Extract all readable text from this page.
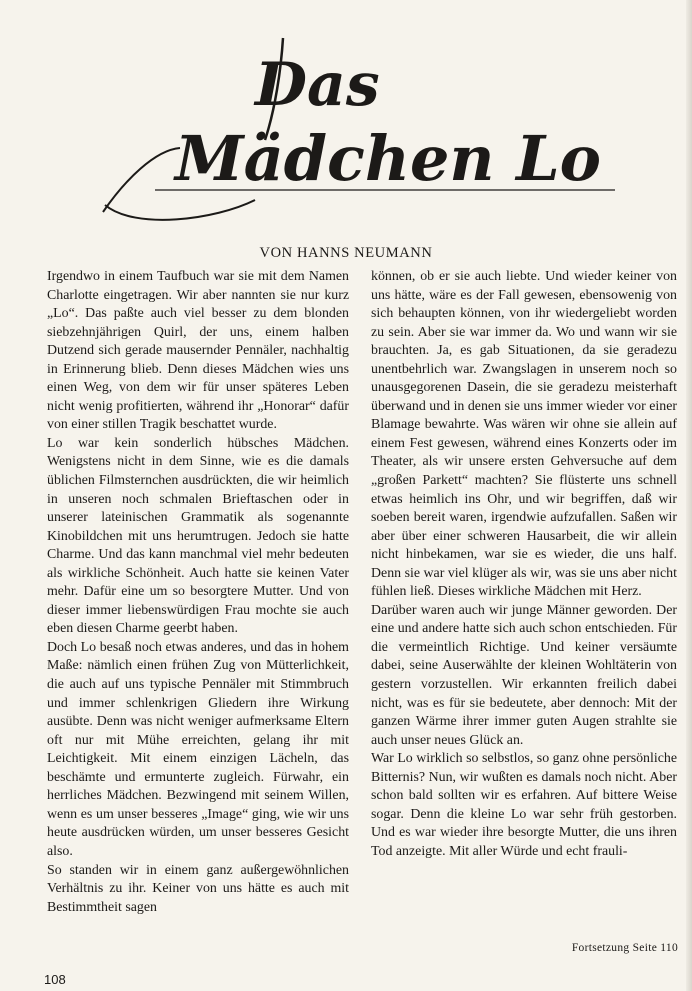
Das
Mädchen Lo
VON HANNS NEUMANN

Irgendwo in einem Taufbuch war sie mit dem Namen Charlotte eingetragen. Wir aber nannten sie nur kurz „Lo“. Das paßte auch viel besser zu dem blonden siebzehnjährigen Quirl, der uns, einem halben Dutzend sich gerade mausernder Pennäler, nachhaltig in Erinnerung blieb. Denn dieses Mädchen wies uns einen Weg, von dem wir für unser späteres Leben nicht wenig profitierten, während ihr „Honorar“ dafür von einer stillen Tragik beschattet wurde.

Lo war kein sonderlich hübsches Mädchen. Wenigstens nicht in dem Sinne, wie es die damals üblichen Filmsternchen ausdrückten, die wir heimlich in unseren noch schmalen Brieftaschen oder in unserer lateinischen Grammatik als sogenannte Kinobildchen mit uns herumtrugen. Jedoch sie hatte Charme. Und das kann manchmal viel mehr bedeuten als wirkliche Schönheit. Auch hatte sie keinen Vater mehr. Dafür eine um so besorgtere Mutter. Und von dieser immer liebenswürdigen Frau mochte sie auch eben diesen Charme geerbt haben.

Doch Lo besaß noch etwas anderes, und das in hohem Maße: nämlich einen frühen Zug von Mütterlichkeit, die auch auf uns typische Pennäler mit Stimmbruch und immer schlenkrigen Gliedern ihre Wirkung ausübte. Denn was nicht weniger aufmerksame Eltern oft nur mit Mühe erreichten, gelang ihr mit Leichtigkeit. Mit einem einzigen Lächeln, das beschämte und ermunterte zugleich. Fürwahr, ein herrliches Mädchen. Bezwingend mit seinem Willen, wenn es um unser besseres „Image“ ging, wie wir uns heute ausdrücken würden, um unser besseres Gesicht also.

So standen wir in einem ganz außergewöhnlichen Verhältnis zu ihr. Keiner von uns hätte es auch mit Bestimmtheit sagen

können, ob er sie auch liebte. Und wieder keiner von uns hätte, wäre es der Fall gewesen, ebensowenig von sich behaupten können, von ihr wiedergeliebt worden zu sein. Aber sie war immer da. Wo und wann wir sie brauchten. Ja, es gab Situationen, da sie geradezu unentbehrlich war. Zwangslagen in unserem noch so unausgegorenen Dasein, die sie geradezu meisterhaft überwand und in denen sie uns immer wieder vor einer Blamage bewahrte. Was wären wir ohne sie allein auf einem Fest gewesen, während eines Konzerts oder im Theater, als wir unsere ersten Gehversuche auf dem „großen Parkett“ machten? Sie flüsterte uns schnell etwas heimlich ins Ohr, und wir begriffen, daß wir soeben bereit waren, irgendwie aufzufallen. Saßen wir aber über einer schweren Hausarbeit, die wir allein nicht hinbekamen, war sie es wieder, die uns half. Denn sie war viel klüger als wir, was sie uns aber nicht fühlen ließ. Dieses wirkliche Mädchen mit Herz.

Darüber waren auch wir junge Männer geworden. Der eine und andere hatte sich auch schon entschieden. Für die vermeintlich Richtige. Und keiner versäumte dabei, seine Auserwählte der kleinen Wohltäterin von gestern vorzustellen. Wir erkannten freilich dabei nicht, was es für sie bedeutete, aber dennoch: Mit der ganzen Wärme ihrer immer guten Augen strahlte sie auch unser neues Glück an.

War Lo wirklich so selbstlos, so ganz ohne persönliche Bitternis? Nun, wir wußten es damals noch nicht. Aber schon bald sollten wir es erfahren. Auf bittere Weise sogar. Denn die kleine Lo war sehr früh gestorben. Und es war wieder ihre besorgte Mutter, die uns ihren Tod anzeigte. Mit aller Würde und echt frauli-

Fortsetzung Seite 110
108
